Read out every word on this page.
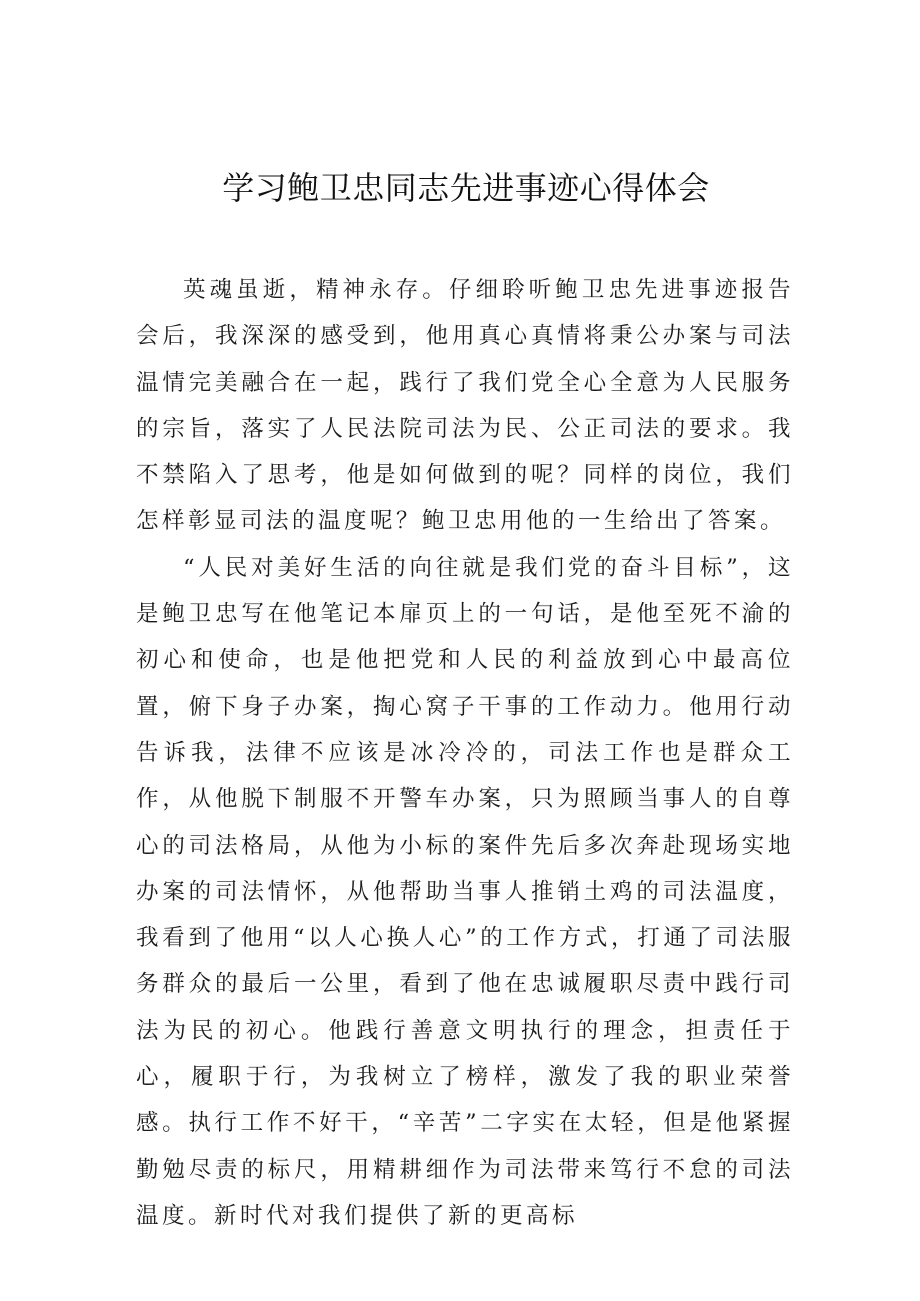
学习鲍卫忠同志先进事迹心得体会

英魂虽逝，精神永存。仔细聆听鲍卫忠先进事迹报告会后，我深深的感受到，他用真心真情将秉公办案与司法温情完美融合在一起，践行了我们党全心全意为人民服务的宗旨，落实了人民法院司法为民、公正司法的要求。我不禁陷入了思考，他是如何做到的呢？同样的岗位，我们怎样彰显司法的温度呢？鲍卫忠用他的一生给出了答案。

“人民对美好生活的向往就是我们党的奋斗目标”，这是鲍卫忠写在他笔记本扉页上的一句话，是他至死不渝的初心和使命，也是他把党和人民的利益放到心中最高位置，俯下身子办案，掏心窝子干事的工作动力。他用行动告诉我，法律不应该是冰冷冷的，司法工作也是群众工作，从他脱下制服不开警车办案，只为照顾当事人的自尊心的司法格局，从他为小标的案件先后多次奔赴现场实地办案的司法情怀，从他帮助当事人推销土鸡的司法温度，我看到了他用“以人心换人心”的工作方式，打通了司法服务群众的最后一公里，看到了他在忠诚履职尽责中践行司法为民的初心。他践行善意文明执行的理念，担责任于心，履职于行，为我树立了榜样，激发了我的职业荣誉感。执行工作不好干，“辛苦”二字实在太轻，但是他紧握勤勉尽责的标尺，用精耕细作为司法带来笃行不怠的司法温度。新时代对我们提供了新的更高标
